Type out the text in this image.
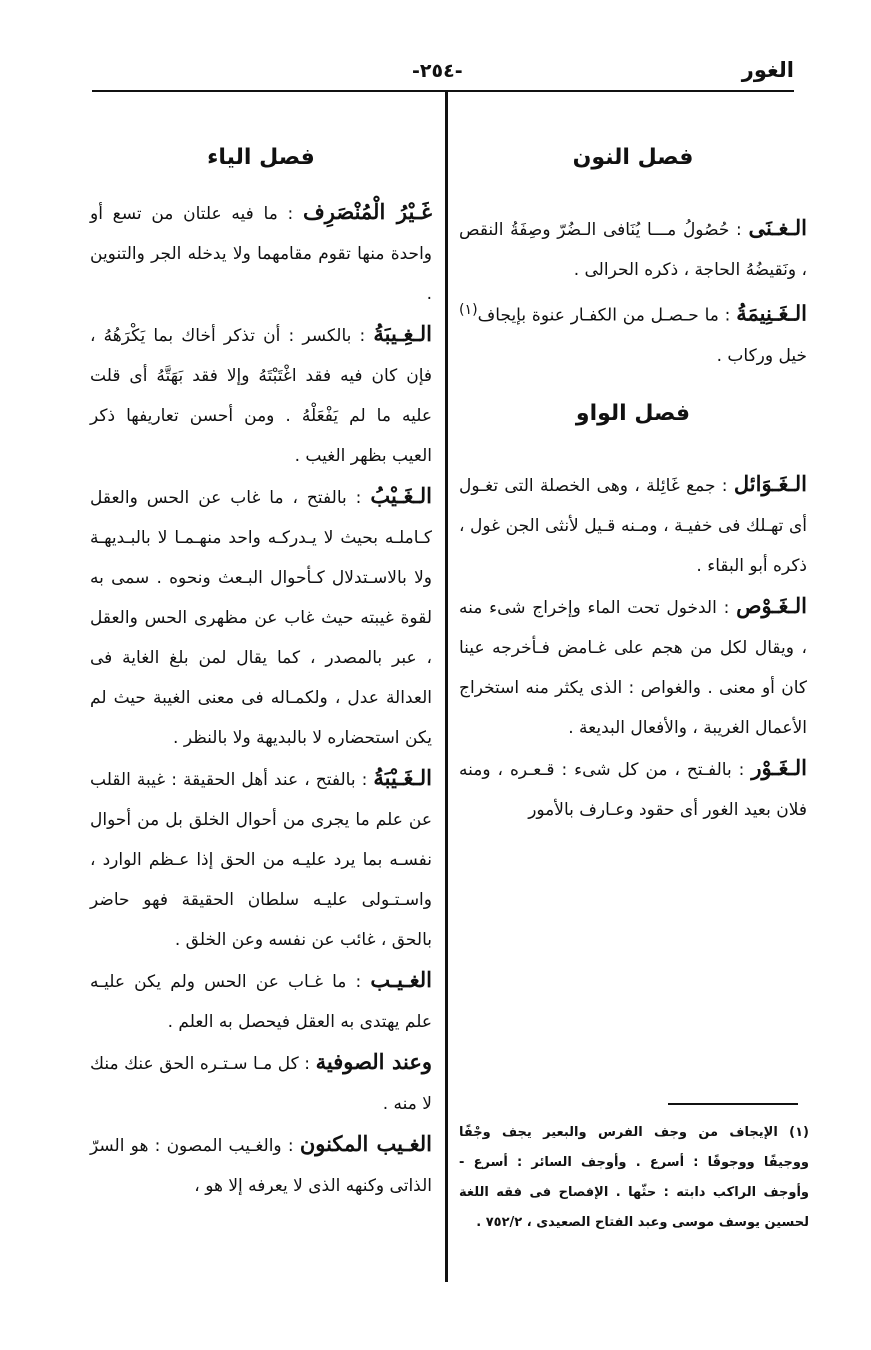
الغور
-٢٥٤-
فصل النون

الـغـنَى : حُصُولُ مـــا يُنَافى الـضُرّ وصِفَةُ النقص ، ونَقيضُهُ الحاجة ، ذكره الحرالى .

الـغَـنِيمَةُ : ما حـصـل من الكفـار عنوة بإيجاف$^{(١)}$ خيل وركاب .

فصل الواو

الـغَـوَائل : جمع غَائِلة ، وهى الخصلة التى تغـول أى تهـلك فى خفيـة ، ومـنه قـيل لأنثى الجن غول ، ذكره أبو البقاء .

الـغَـوْص : الدخول تحت الماء وإخراج شىء منه ، ويقال لكل من هجم على غـامض فـأخرجه عينا كان أو معنى . والغواص : الذى يكثر منه استخراج الأعمال الغريبة ، والأفعال البديعة .

الـغَـوْر : بالفـتح ، من كل شىء : قـعـره ، ومنه فلان بعيد الغور أى حقود وعـارف بالأمور

فصل الياء

غَـيْرُ الْمُنْصَرِف : ما فيه علتان من تسع أو واحدة منها تقوم مقامهما ولا يدخله الجر والتنوين .

الـغِـيبَةُ : بالكسر : أن تذكر أخاك بما يَكْرَهُهُ ، فإن كان فيه فقد اغْتَبْتَهُ وإلا فقد بَهَتَّهُ أى قلت عليه ما لم يَفْعَلْهُ . ومن أحسن تعاريفها ذكر العيب بظهر الغيب .

الـغَـيْبُ : بالفتح ، ما غاب عن الحس والعقل كـاملـه بحيث لا يـدركـه واحد منهـمـا لا بالبـديهـة ولا بالاسـتدلال كـأحوال البـعث ونحوه . سمى به لقوة غيبته حيث غاب عن مظهرى الحس والعقل ، عبر بالمصدر ، كما يقال لمن بلغ الغاية فى العدالة عدل ، ولكمـاله فى معنى الغيبة حيث لم يكن استحضاره لا بالبديهة ولا بالنظر .

الـغَـيْبَةُ : بالفتح ، عند أهل الحقيقة : غيبة القلب عن علم ما يجرى من أحوال الخلق بل من أحوال نفسـه بما يرد عليـه من الحق إذا عـظم الوارد ، واسـتـولى عليـه سلطان الحقيقة فهو حاضر بالحق ، غائب عن نفسه وعن الخلق .

الغـيـب : ما غـاب عن الحس ولم يكن عليـه علم يهتدى به العقل فيحصل به العلم .

وعند الصوفية : كل مـا سـتـره الحق عنك منك لا منه .

الغـيب المكنون : والغـيب المصون : هو السرّ الذاتى وكنهه الذى لا يعرفه إلا هو ،

(١) الإيجاف من وجف الفرس والبعير يجف وجْفًا ووجيفًا ووجوفًا : أسرع . وأوجف السائر : أسرع - وأوجف الراكب دابته : حثّها . الإفصاح فى فقه اللغة لحسين يوسف موسى وعبد الفتاح الصعيدى ، ٧٥٢/٢ .
